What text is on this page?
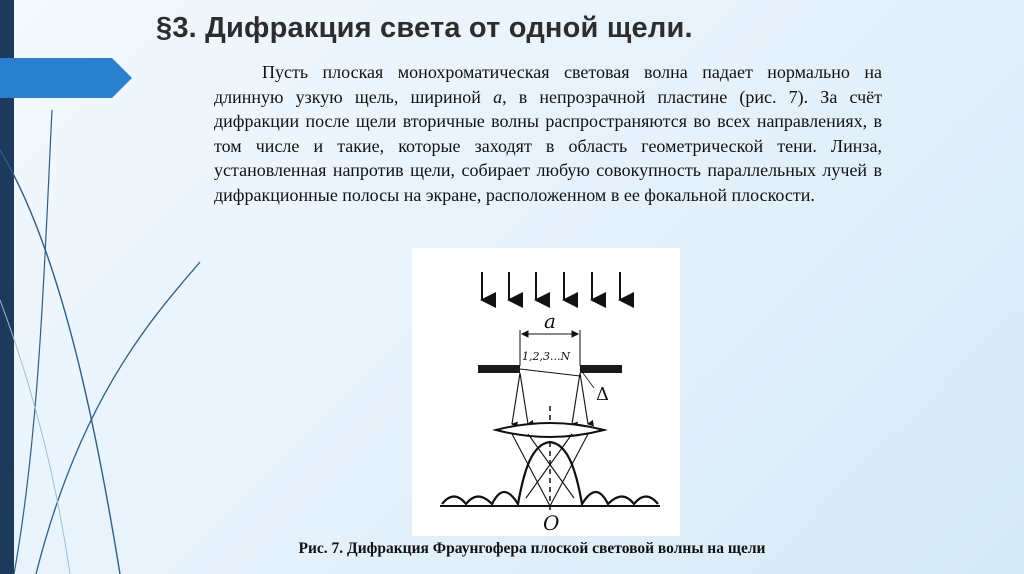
§3. Дифракция света от одной щели.
Пусть плоская монохроматическая световая волна падает нормально на длинную узкую щель, шириной a, в непрозрачной пластине (рис. 7). За счёт дифракции после щели вторичные волны распространяются во всех направлениях, в том числе и такие, которые заходят в область геометрической тени. Линза, установленная напротив щели, собирает любую совокупность параллельных лучей в дифракционные полосы на экране, расположенном в ее фокальной плоскости.
a
1,2,3...N
Δ
O
Рис. 7. Дифракция Фраунгофера плоской световой волны на щели
